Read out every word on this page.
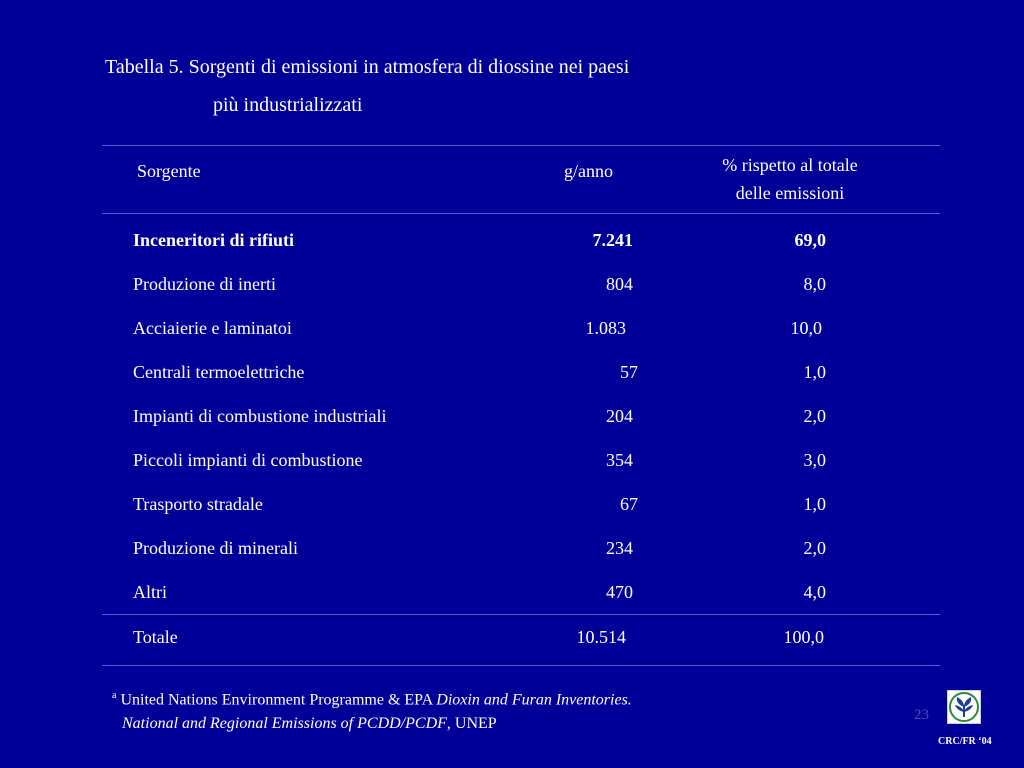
Tabella 5. Sorgenti di emissioni in atmosfera di diossine nei paesi
più industrializzati
Sorgente	g/anno	% rispetto al totale
delle emissioni
Inceneritori di rifiuti	7.241	69,0
Produzione di inerti	804	8,0
Acciaierie e laminatoi	1.083	10,0
Centrali termoelettriche	57	1,0
Impianti di combustione industriali	204	2,0
Piccoli impianti di combustione	354	3,0
Trasporto stradale	67	1,0
Produzione di minerali	234	2,0
Altri	470	4,0
Totale	10.514	100,0
$^a$ United Nations Environment Programme & EPA Dioxin and Furan Inventories.
National and Regional Emissions of PCDD/PCDF, UNEP
23
CRC/FR ‘04
